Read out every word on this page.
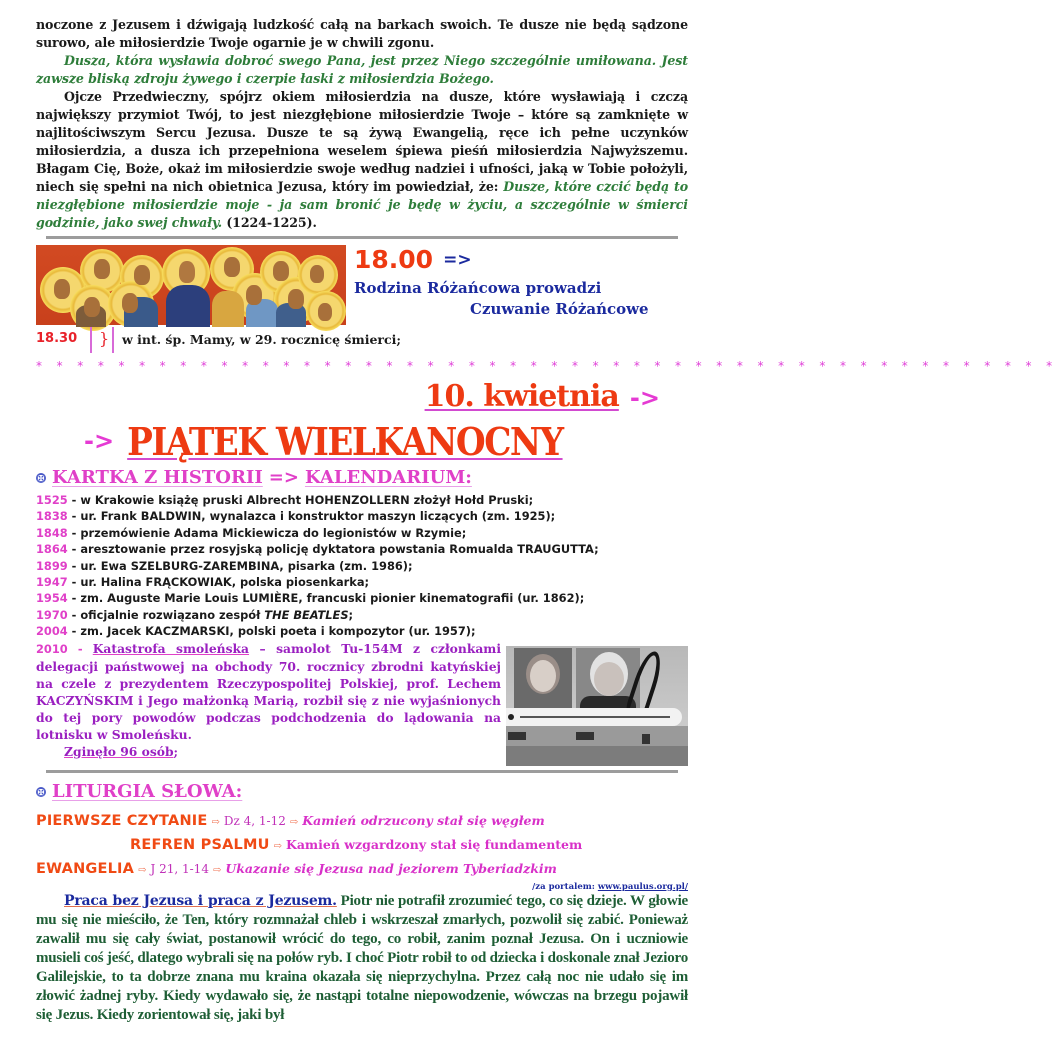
noczone z Jezusem i dźwigają ludzkość całą na barkach swoich. Te dusze nie będą sądzone surowo, ale miłosierdzie Twoje ogarnie je w chwili zgonu.

Dusza, która wysławia dobroć swego Pana, jest przez Niego szczególnie umiłowana. Jest zawsze bliską zdroju żywego i czerpie łaski z miłosierdzia Bożego.

Ojcze Przedwieczny, spójrz okiem miłosierdzia na dusze, które wysławiają i czczą największy przymiot Twój, to jest niezgłębione miłosierdzie Twoje – które są zamknięte w najlitościwszym Sercu Jezusa. Dusze te są żywą Ewangelią, ręce ich pełne uczynków miłosierdzia, a dusza ich przepełniona weselem śpiewa pieśń miłosierdzia Najwyższemu. Błagam Cię, Boże, okaż im miłosierdzie swoje według nadziei i ufności, jaką w Tobie położyli, niech się spełni na nich obietnica Jezusa, który im powiedział, że: Dusze, które czcić będą to niezgłębione miłosierdzie moje - ja sam bronić je będę w życiu, a szczególnie w śmierci godzinie, jako swej chwały. (1224-1225).

18.00 =>
Rodzina Różańcowa prowadzi
Czuwanie Różańcowe
18.30 } w int. śp. Mamy, w 29. rocznicę śmierci;
* * * * * * * * * * * * * * * * * * * * * * * * * * * * * * * * * * * * * * * * * * * * * * * * * *
10. kwietnia ->
-> PIĄTEK WIELKANOCNY
✠ KARTKA Z HISTORII => KALENDARIUM:
1525 - w Krakowie książę pruski Albrecht HOHENZOLLERN złożył Hołd Pruski;
1838 - ur. Frank BALDWIN, wynalazca i konstruktor maszyn liczących (zm. 1925);
1848 - przemówienie Adama Mickiewicza do legionistów w Rzymie;
1864 - aresztowanie przez rosyjską policję dyktatora powstania Romualda TRAUGUTTA;
1899 - ur. Ewa SZELBURG-ZAREMBINA, pisarka (zm. 1986);
1947 - ur. Halina FRĄCKOWIAK, polska piosenkarka;
1954 - zm. Auguste Marie Louis LUMIÈRE, francuski pionier kinematografii (ur. 1862);
1970 - oficjalnie rozwiązano zespół THE BEATLES;
2004 - zm. Jacek KACZMARSKI, polski poeta i kompozytor (ur. 1957);
2010 - Katastrofa smoleńska – samolot Tu-154M z członkami delegacji państwowej na obchody 70. rocznicy zbrodni katyńskiej na czele z prezydentem Rzeczypospolitej Polskiej, prof. Lechem KACZYŃSKIM i Jego małżonką Marią, rozbił się z nie wyjaśnionych do tej pory powodów podczas podchodzenia do lądowania na lotnisku w Smoleńsku.
Zginęło 96 osób;
✠ LITURGIA SŁOWA:
PIERWSZE CZYTANIE ⇨ Dz 4, 1-12 ⇨ Kamień odrzucony stał się węgłem
REFREN PSALMU ⇨ Kamień wzgardzony stał się fundamentem
EWANGELIA ⇨ J 21, 1-14 ⇨ Ukazanie się Jezusa nad jeziorem Tyberiadzkim
/za portalem: www.paulus.org.pl/

Praca bez Jezusa i praca z Jezusem. Piotr nie potrafił zrozumieć tego, co się dzieje. W głowie mu się nie mieściło, że Ten, który rozmnażał chleb i wskrzeszał zmarłych, pozwolił się zabić. Ponieważ zawalił mu się cały świat, postanowił wrócić do tego, co robił, zanim poznał Jezusa. On i uczniowie musieli coś jeść, dlatego wybrali się na połów ryb. I choć Piotr robił to od dziecka i doskonale znał Jezioro Galilejskie, to ta dobrze znana mu kraina okazała się nieprzychylna. Przez całą noc nie udało się im złowić żadnej ryby. Kiedy wydawało się, że nastąpi totalne niepowodzenie, wówczas na brzegu pojawił się Jezus. Kiedy zorientował się, jaki był
